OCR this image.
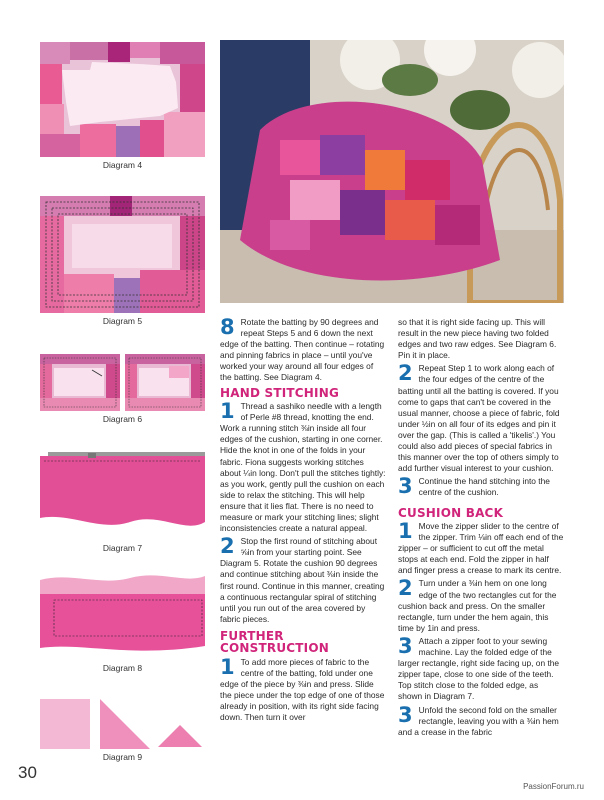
Diagram 4
Diagram 5
Diagram 6
Diagram 7
Diagram 8
Diagram 9
8 Rotate the batting by 90 degrees and repeat Steps 5 and 6 down the next edge of the batting. Then continue – rotating and pinning fabrics in place – until you've worked your way around all four edges of the batting. See Diagram 4.

HAND STITCHING
1 Thread a sashiko needle with a length of Perle #8 thread, knotting the end. Work a running stitch ⅜in inside all four edges of the cushion, starting in one corner. Hide the knot in one of the folds in your fabric. Fiona suggests working stitches about ¼in long. Don't pull the stitches tightly: as you work, gently pull the cushion on each side to relax the stitching. This will help ensure that it lies flat. There is no need to measure or mark your stitching lines; slight inconsistencies create a natural appeal.

2 Stop the first round of stitching about ⅝in from your starting point. See Diagram 5. Rotate the cushion 90 degrees and continue stitching about ⅜in inside the first round. Continue in this manner, creating a continuous rectangular spiral of stitching until you run out of the area covered by fabric pieces.

FURTHER
CONSTRUCTION
1 To add more pieces of fabric to the centre of the batting, fold under one edge of the piece by ⅜in and press. Slide the piece under the top edge of one of those already in position, with its right side facing down. Then turn it over

so that it is right side facing up. This will result in the new piece having two folded edges and two raw edges. See Diagram 6. Pin it in place.

2 Repeat Step 1 to work along each of the four edges of the centre of the batting until all the batting is covered. If you come to gaps that can't be covered in the usual manner, choose a piece of fabric, fold under ½in on all four of its edges and pin it over the gap. (This is called a 'tikelis'.) You could also add pieces of special fabrics in this manner over the top of others simply to add further visual interest to your cushion.

3 Continue the hand stitching into the centre of the cushion.

CUSHION BACK
1 Move the zipper slider to the centre of the zipper. Trim ⅛in off each end of the zipper – or sufficient to cut off the metal stops at each end. Fold the zipper in half and finger press a crease to mark its centre.

2 Turn under a ⅜in hem on one long edge of the two rectangles cut for the cushion back and press. On the smaller rectangle, turn under the hem again, this time by 1in and press.

3 Attach a zipper foot to your sewing machine. Lay the folded edge of the larger rectangle, right side facing up, on the zipper tape, close to one side of the teeth. Top stitch close to the folded edge, as shown in Diagram 7.

3 Unfold the second fold on the smaller rectangle, leaving you with a ⅜in hem and a crease in the fabric

30
PassionForum.ru
